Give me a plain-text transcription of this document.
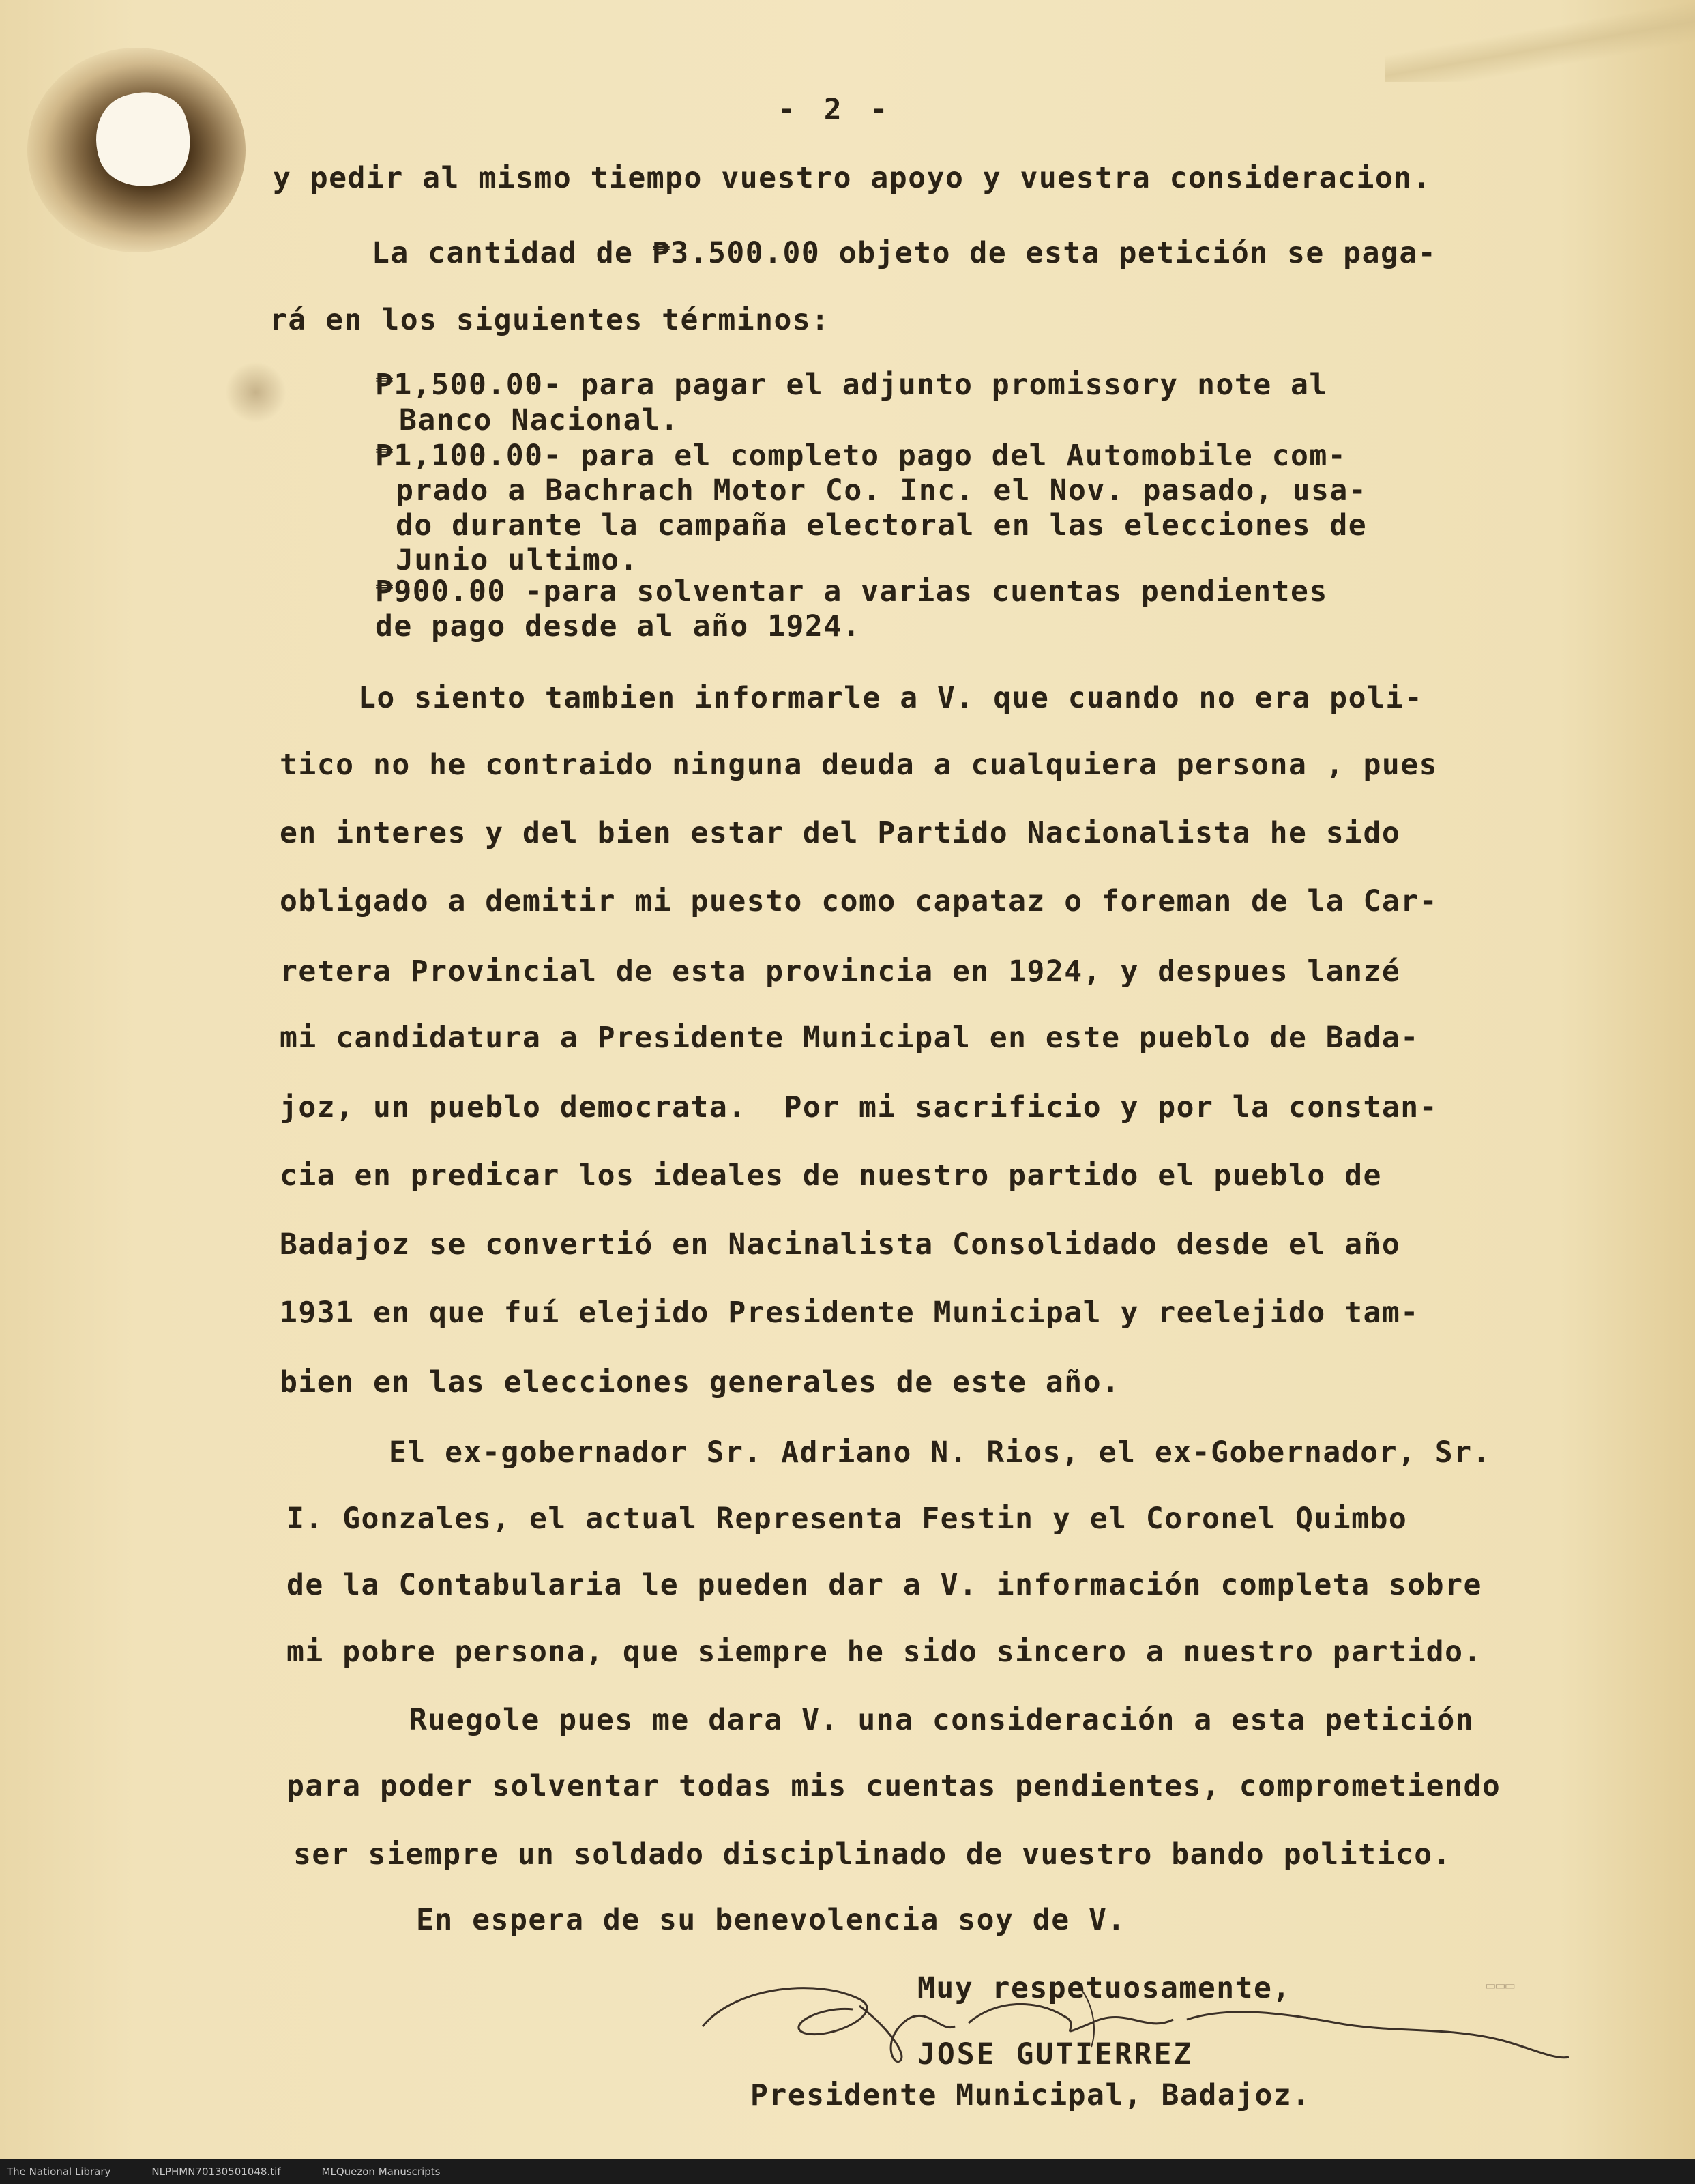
- 2 -
y pedir al mismo tiempo vuestro apoyo y vuestra consideracion.
La cantidad de ₱3.500.00 objeto de esta petición se paga-
rá en los siguientes términos:
₱1,500.00- para pagar el adjunto promissory note al
Banco Nacional.
₱1,100.00- para el completo pago del Automobile com-
prado a Bachrach Motor Co. Inc. el Nov. pasado, usa-
do durante la campaña electoral en las elecciones de
Junio ultimo.
₱900.00 -para solventar a varias cuentas pendientes
de pago desde al año 1924.
Lo siento tambien informarle a V. que cuando no era poli-
tico no he contraido ninguna deuda a cualquiera persona , pues
en interes y del bien estar del Partido Nacionalista he sido
obligado a demitir mi puesto como capataz o foreman de la Car-
retera Provincial de esta provincia en 1924, y despues lanzé
mi candidatura a Presidente Municipal en este pueblo de Bada-
joz, un pueblo democrata.  Por mi sacrificio y por la constan-
cia en predicar los ideales de nuestro partido el pueblo de
Badajoz se convertió en Nacinalista Consolidado desde el año
1931 en que fuí elejido Presidente Municipal y reelejido tam-
bien en las elecciones generales de este año.
El ex-gobernador Sr. Adriano N. Rios, el ex-Gobernador, Sr.
I. Gonzales, el actual Representa Festin y el Coronel Quimbo
de la Contabularia le pueden dar a V. información completa sobre
mi pobre persona, que siempre he sido sincero a nuestro partido.
Ruegole pues me dara V. una consideración a esta petición
para poder solventar todas mis cuentas pendientes, comprometiendo
ser siempre un soldado disciplinado de vuestro bando politico.
En espera de su benevolencia soy de V.
▭▭▭
Muy respetuosamente,
JOSE GUTIERREZ
Presidente Municipal, Badajoz.
The National Library	NLPHMN70130501048.tif	MLQuezon Manuscripts
